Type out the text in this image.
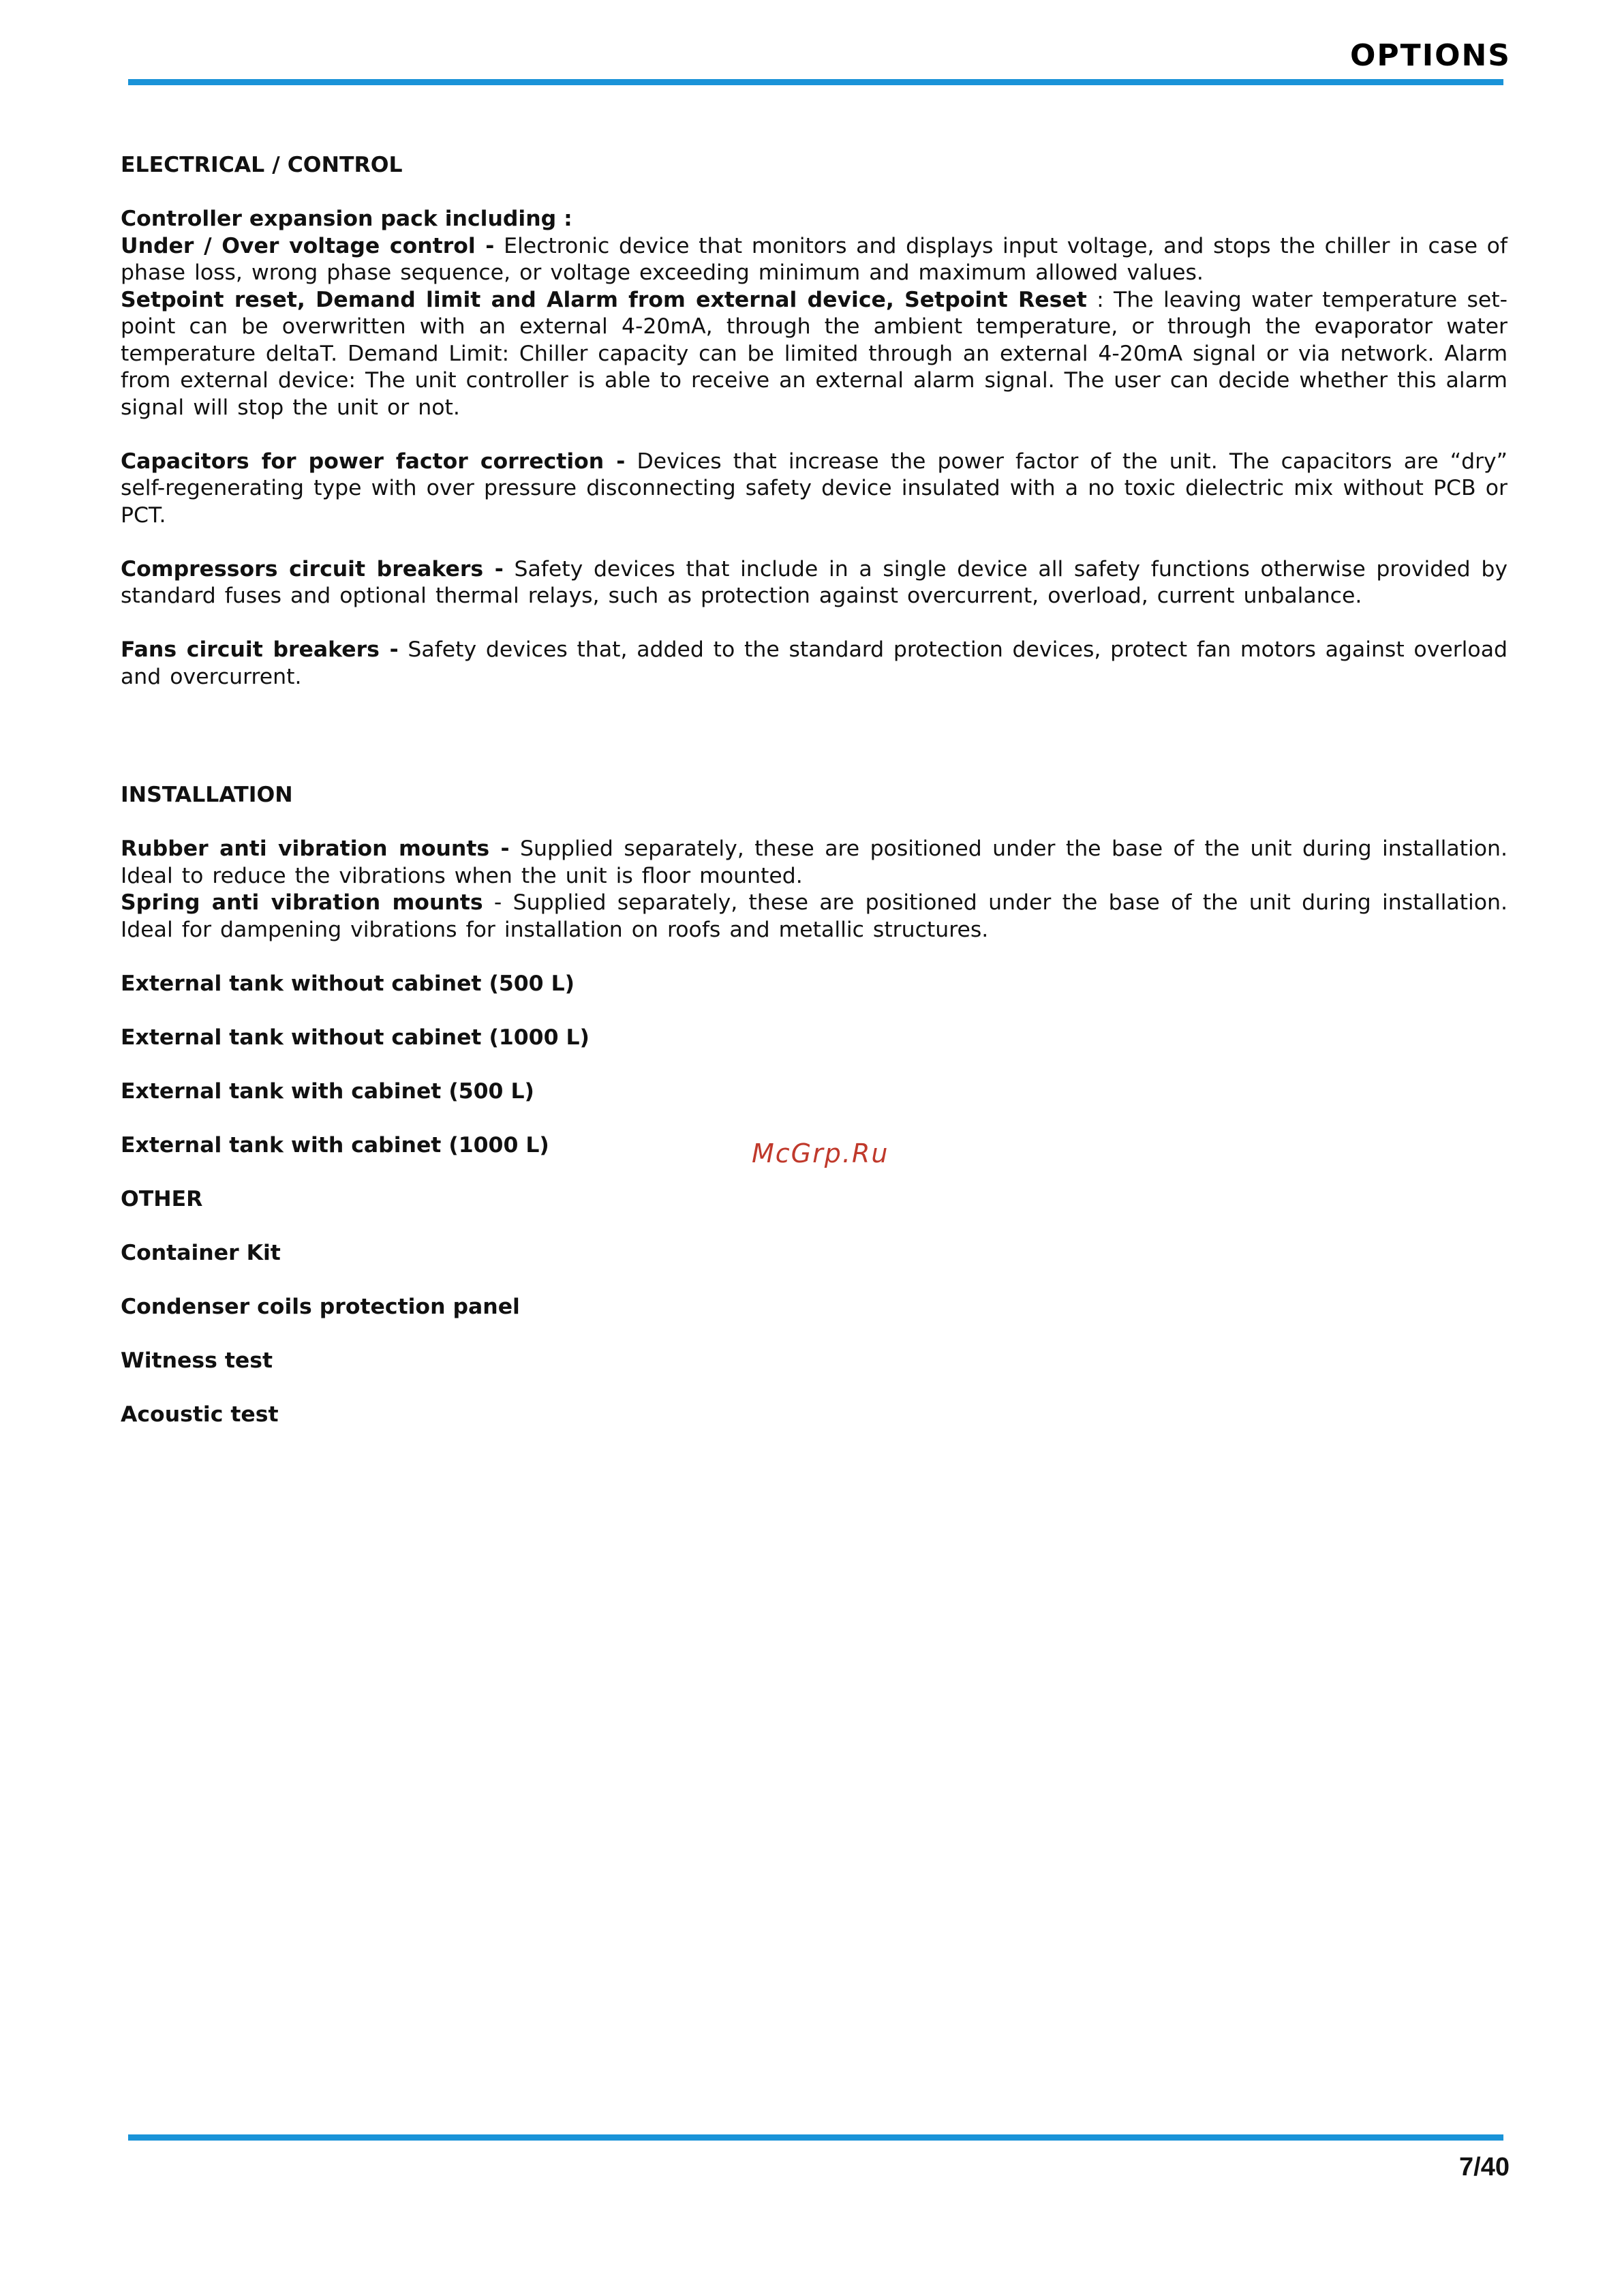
OPTIONS

ELECTRICAL / CONTROL

Controller expansion pack including :

Under / Over voltage control - Electronic device that monitors and displays input voltage, and stops the chiller in case of phase loss, wrong phase sequence, or voltage exceeding minimum and maximum allowed values.

Setpoint reset, Demand limit and Alarm from external device, Setpoint Reset : The leaving water temperature set-point can be overwritten with an external 4-20mA, through the ambient temperature, or through the evaporator water temperature deltaT. Demand Limit: Chiller capacity can be limited through an external 4-20mA signal or via network. Alarm from external device: The unit controller is able to receive an external alarm signal. The user can decide whether this alarm signal will stop the unit or not.

Capacitors for power factor correction - Devices that increase the power factor of the unit. The capacitors are “dry” self-regenerating type with over pressure disconnecting safety device insulated with a no toxic dielectric mix without PCB or PCT.

Compressors circuit breakers - Safety devices that include in a single device all safety functions otherwise provided by standard fuses and optional thermal relays, such as protection against overcurrent, overload, current unbalance.

Fans circuit breakers - Safety devices that, added to the standard protection devices, protect fan motors against overload and overcurrent.

INSTALLATION

Rubber anti vibration mounts - Supplied separately, these are positioned under the base of the unit during installation. Ideal to reduce the vibrations when the unit is floor mounted.

Spring anti vibration mounts - Supplied separately, these are positioned under the base of the unit during installation. Ideal for dampening vibrations for installation on roofs and metallic structures.

External tank without cabinet (500 L)

External tank without cabinet (1000 L)

External tank with cabinet (500 L)

External tank with cabinet (1000 L)

OTHER

Container Kit

Condenser coils protection panel

Witness test

Acoustic test

McGrp.Ru
7/40
